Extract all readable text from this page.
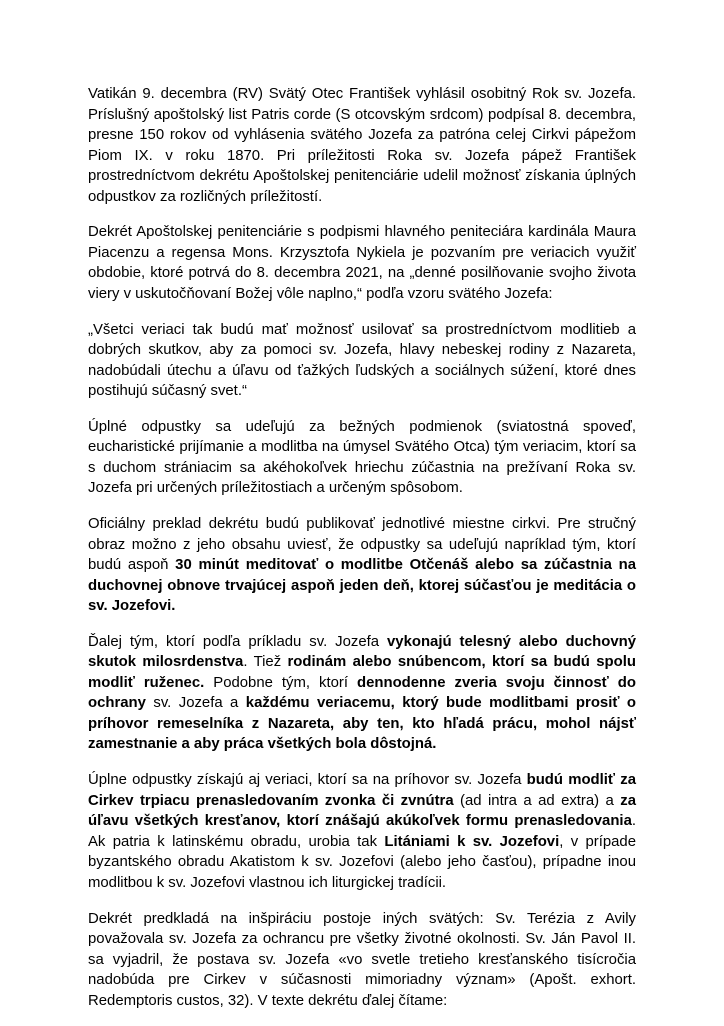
Vatikán 9. decembra (RV) Svätý Otec František vyhlásil osobitný Rok sv. Jozefa. Príslušný apoštolský list Patris corde (S otcovským srdcom) podpísal 8. decembra, presne 150 rokov od vyhlásenia svätého Jozefa za patróna celej Cirkvi pápežom Piom IX. v roku 1870. Pri príležitosti Roka sv. Jozefa pápež František prostredníctvom dekrétu Apoštolskej penitenciárie udelil možnosť získania úplných odpustkov za rozličných príležitostí.

Dekrét Apoštolskej penitenciárie s podpismi hlavného peniteciára kardinála Maura Piacenzu a regensa Mons. Krzysztofa Nykiela je pozvaním pre veriacich využiť obdobie, ktoré potrvá do 8. decembra 2021, na „denné posilňovanie svojho života viery v uskutočňovaní Božej vôle naplno,“ podľa vzoru svätého Jozefa:

„Všetci veriaci tak budú mať možnosť usilovať sa prostredníctvom modlitieb a dobrých skutkov, aby za pomoci sv. Jozefa, hlavy nebeskej rodiny z Nazareta, nadobúdali útechu a úľavu od ťažkých ľudských a sociálnych súžení, ktoré dnes postihujú súčasný svet.“

Úplné odpustky sa udeľujú za bežných podmienok (sviatostná spoveď, eucharistické prijímanie a modlitba na úmysel Svätého Otca) tým veriacim, ktorí sa s duchom strániacim sa akéhokoľvek hriechu zúčastnia na prežívaní Roka sv. Jozefa pri určených príležitostiach a určeným spôsobom.

Oficiálny preklad dekrétu budú publikovať jednotlivé miestne cirkvi. Pre stručný obraz možno z jeho obsahu uviesť, že odpustky sa udeľujú napríklad tým, ktorí budú aspoň 30 minút meditovať o modlitbe Otčenáš alebo sa zúčastnia na duchovnej obnove trvajúcej aspoň jeden deň, ktorej súčasťou je meditácia o sv. Jozefovi.

Ďalej tým, ktorí podľa príkladu sv. Jozefa vykonajú telesný alebo duchovný skutok milosrdenstva. Tiež rodinám alebo snúbencom, ktorí sa budú spolu modliť ruženec. Podobne tým, ktorí dennodenne zveria svoju činnosť do ochrany sv. Jozefa a každému veriacemu, ktorý bude modlitbami prosiť o príhovor remeselníka z Nazareta, aby ten, kto hľadá prácu, mohol nájsť zamestnanie a aby práca všetkých bola dôstojná.

Úplne odpustky získajú aj veriaci, ktorí sa na príhovor sv. Jozefa budú modliť za Cirkev trpiacu prenasledovaním zvonka či zvnútra (ad intra a ad extra) a za úľavu všetkých kresťanov, ktorí znášajú akúkoľvek formu prenasledovania. Ak patria k latinskému obradu, urobia tak Litániami k sv. Jozefovi, v prípade byzantského obradu Akatistom k sv. Jozefovi (alebo jeho časťou), prípadne inou modlitbou k sv. Jozefovi vlastnou ich liturgickej tradícii.

Dekrét predkladá na inšpiráciu postoje iných svätých: Sv. Terézia z Avily považovala sv. Jozefa za ochrancu pre všetky životné okolnosti. Sv. Ján Pavol II. sa vyjadril, že postava sv. Jozefa «vo svetle tretieho kresťanského tisícročia nadobúda pre Cirkev v súčasnosti mimoriadny význam» (Apošt. exhort. Redemptoris custos, 32). V texte dekrétu ďalej čítame:
